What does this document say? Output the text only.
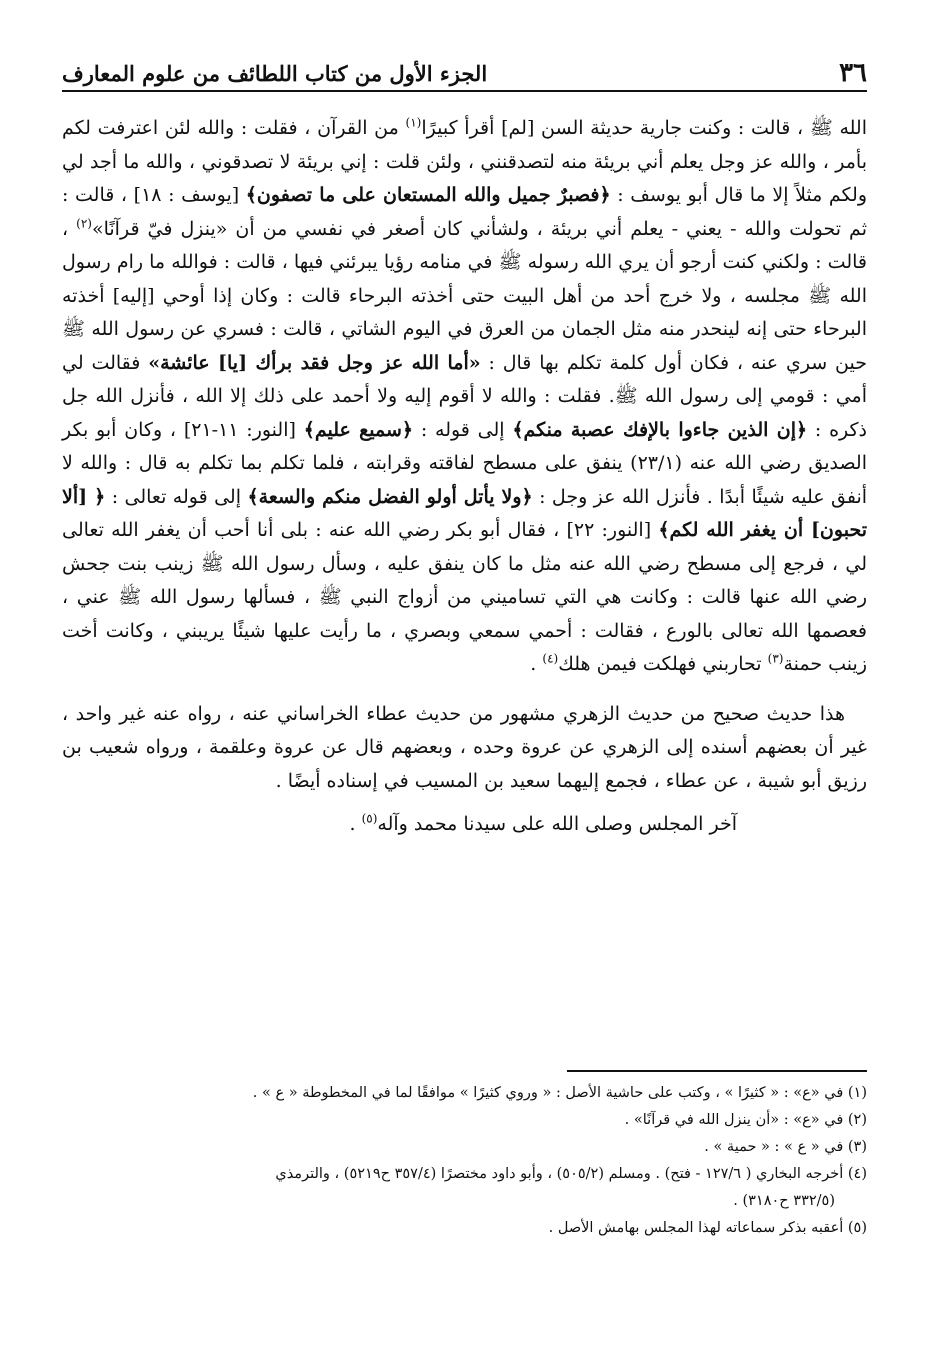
٣٦
الجزء الأول من كتاب اللطائف من علوم المعارف

الله ﷺ ، قالت : وكنت جارية حديثة السن [لم] أقرأ كبيرًا$^{(١)}$ من القرآن ، فقلت : والله لئن اعترفت لكم بأمر ، والله عز وجل يعلم أني بريئة منه لتصدقنني ، ولئن قلت : إني بريئة لا تصدقوني ، والله ما أجد لي ولكم مثلاً إلا ما قال أبو يوسف : ﴿فصبرٌ جميل والله المستعان على ما تصفون﴾ [يوسف : ١٨] ، قالت : ثم تحولت والله - يعني - يعلم أني بريئة ، ولشأني كان أصغر في نفسي من أن «ينزل فيّ قرآنًا»$^{(٢)}$ ، قالت : ولكني كنت أرجو أن يري الله رسوله ﷺ في منامه رؤيا يبرئني فيها ، قالت : فوالله ما رام رسول الله ﷺ مجلسه ، ولا خرج أحد من أهل البيت حتى أخذته البرحاء قالت : وكان إذا أوحي [إليه] أخذته البرحاء حتى إنه لينحدر منه مثل الجمان من العرق في اليوم الشاتي ، قالت : فسري عن رسول الله ﷺ حين سري عنه ، فكان أول كلمة تكلم بها قال : «أما الله عز وجل فقد برأك [يا] عائشة» فقالت لي أمي : قومي إلى رسول الله ﷺ. فقلت : والله لا أقوم إليه ولا أحمد على ذلك إلا الله ، فأنزل الله جل ذكره : ﴿إن الذين جاءوا بالإفك عصبة منكم﴾ إلى قوله : ﴿سميع عليم﴾ [النور: ١١-٢١] ، وكان أبو بكر الصديق رضي الله عنه (٢٣/١) ينفق على مسطح لفاقته وقرابته ، فلما تكلم بما تكلم به قال : والله لا أنفق عليه شيئًا أبدًا . فأنزل الله عز وجل : ﴿ولا يأتل أولو الفضل منكم والسعة﴾ إلى قوله تعالى : ﴿ [ألا تحبون] أن يغفر الله لكم﴾ [النور: ٢٢] ، فقال أبو بكر رضي الله عنه : بلى أنا أحب أن يغفر الله تعالى لي ، فرجع إلى مسطح رضي الله عنه مثل ما كان ينفق عليه ، وسأل رسول الله ﷺ زينب بنت جحش رضي الله عنها قالت : وكانت هي التي تساميني من أزواج النبي ﷺ ، فسألها رسول الله ﷺ عني ، فعصمها الله تعالى بالورع ، فقالت : أحمي سمعي وبصري ، ما رأيت عليها شيئًا يريبني ، وكانت أخت زينب حمنة$^{(٣)}$ تحاربني فهلكت فيمن هلك$^{(٤)}$ .

هذا حديث صحيح من حديث الزهري مشهور من حديث عطاء الخراساني عنه ، رواه عنه غير واحد ، غير أن بعضهم أسنده إلى الزهري عن عروة وحده ، وبعضهم قال عن عروة وعلقمة ، ورواه شعيب بن رزيق أبو شيبة ، عن عطاء ، فجمع إليهما سعيد بن المسيب في إسناده أيضًا .

آخر المجلس وصلى الله على سيدنا محمد وآله$^{(٥)}$ .

(١) في «ع» : « كثيرًا » ، وكتب على حاشية الأصل : « وروي كثيرًا » موافقًا لما في المخطوطة « ع » .

(٢) في «ع» : «أن ينزل الله في قرآنًا» .

(٣) في « ع » : « حمية » .

(٤) أخرجه البخاري ( ١٢٧/٦ - فتح) . ومسلم (٥٠٥/٢) ، وأبو داود مختصرًا (٣٥٧/٤ ح٥٢١٩) ، والترمذي

(٣٣٢/٥ ح٣١٨٠) .

(٥) أعقبه بذكر سماعاته لهذا المجلس بهامش الأصل .
